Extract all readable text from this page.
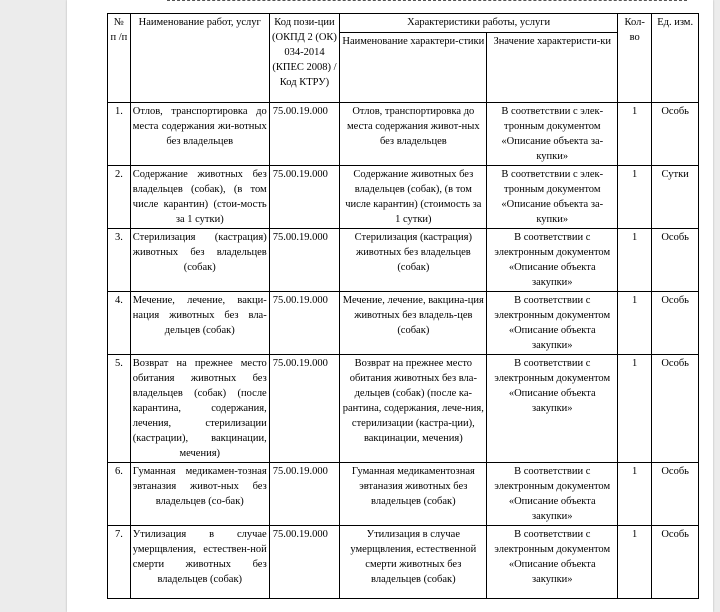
№ п /п	Наименование работ, услуг	Код пози-ции (ОКПД 2 (ОК) 034-2014 (КПЕС 2008) /Код КТРУ)	Характеристики работы, услуги		Кол-во	Ед. изм.
			Наименование характери-стики	Значение характеристи-ки		
1.	Отлов, транспортировка до места содержания жи-вотных без владельцев	75.00.19.000	Отлов, транспортировка до места содержания живот-ных без владельцев	В соответствии с элек-тронным документом «Описание объекта за-купки»	1	Особь
2.	Содержание животных без владельцев (собак), (в том числе карантин) (стои-мость за 1 сутки)	75.00.19.000	Содержание животных без владельцев (собак), (в том числе карантин) (стоимость за 1 сутки)	В соответствии с элек-тронным документом «Описание объекта за-купки»	1	Сутки
3.	Стерилизация (кастрация) животных без владельцев (собак)	75.00.19.000	Стерилизация (кастрация) животных без владельцев (собак)	В соответствии с электронным документом «Описание объекта закупки»	1	Особь
4.	Мечение, лечение, вакци-нация животных без вла-дельцев (собак)	75.00.19.000	Мечение, лечение, вакцина-ция животных без владель-цев (собак)	В соответствии с электронным документом «Описание объекта закупки»	1	Особь
5.	Возврат на прежнее место обитания животных без владельцев (собак) (после карантина, содержания, лечения, стерилизации (кастрации), вакцинации, мечения)	75.00.19.000	Возврат на прежнее место обитания животных без вла-дельцев (собак) (после ка-рантина, содержания, лече-ния, стерилизации (кастра-ции), вакцинации, мечения)	В соответствии с электронным документом «Описание объекта закупки»	1	Особь
6.	Гуманная медикамен-тозная эвтаназия живот-ных без владельцев (со-бак)	75.00.19.000	Гуманная медикаментозная эвтаназия животных без владельцев (собак)	В соответствии с электронным документом «Описание объекта закупки»	1	Особь
7.	Утилизация в случае умерщвления, естествен-ной смерти животных без владельцев (собак)	75.00.19.000	Утилизация в случае умерщвления, естественной смерти животных без владельцев (собак)	В соответствии с электронным документом «Описание объекта закупки»	1	Особь
